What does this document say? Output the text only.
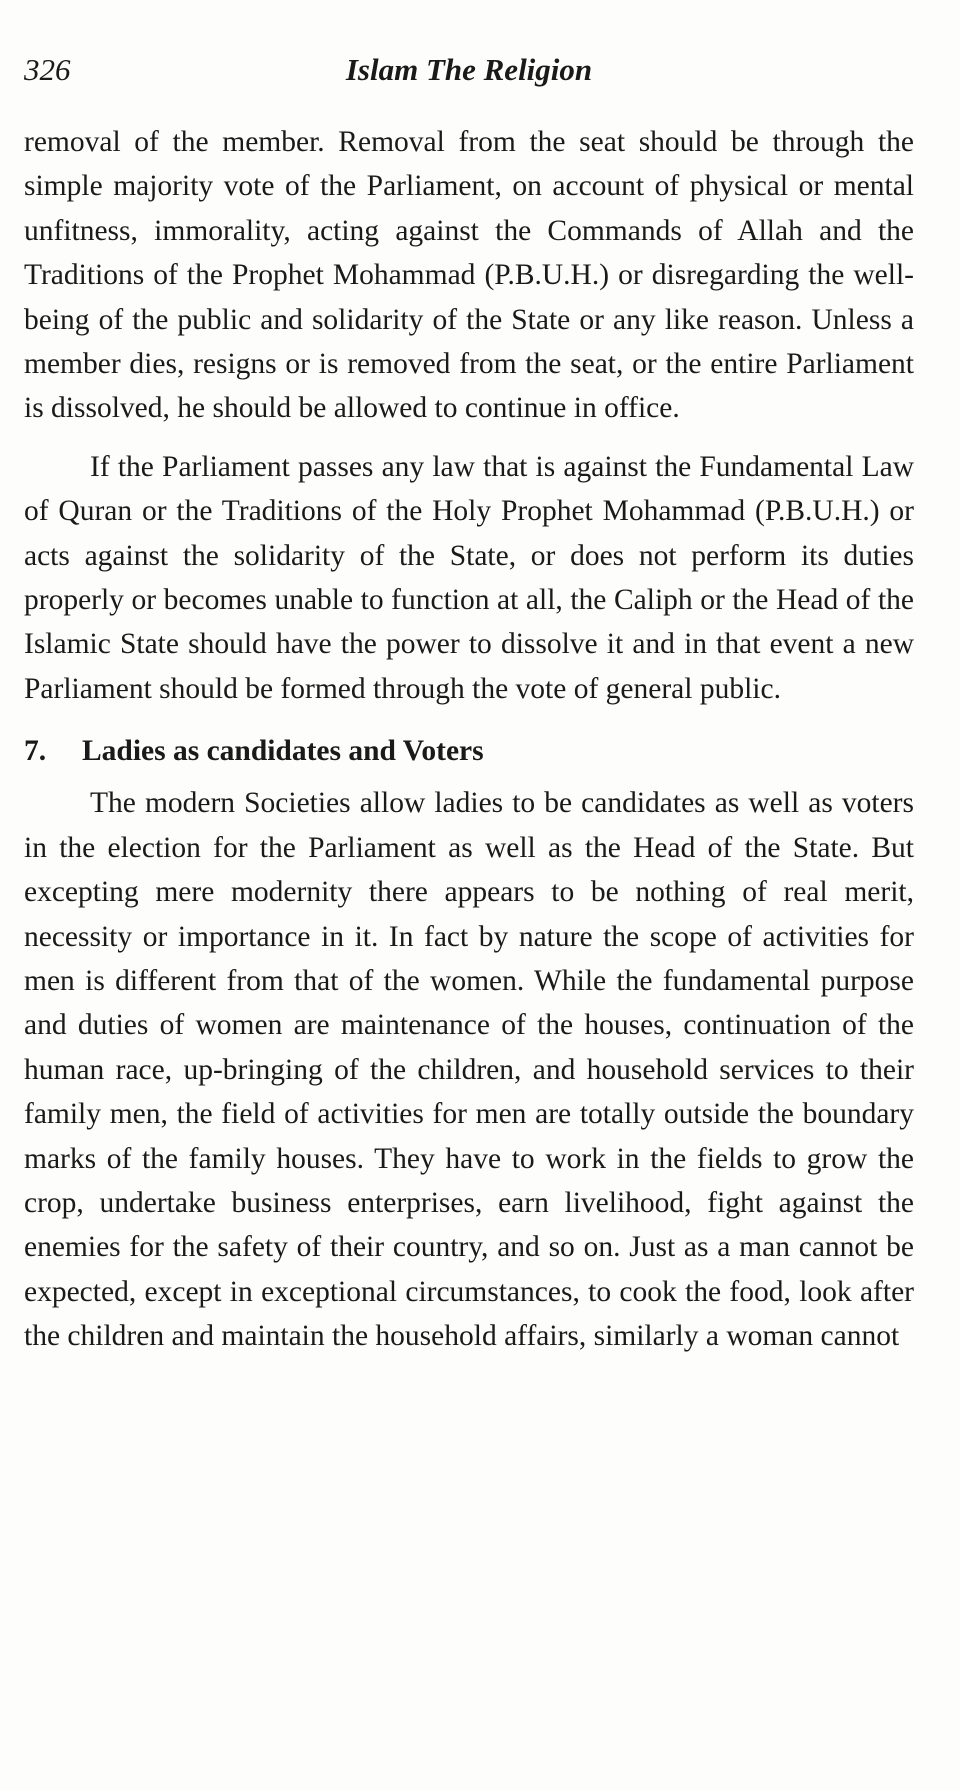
326	Islam The Religion

removal of the member. Removal from the seat should be through the simple majority vote of the Parliament, on account of physical or mental unfitness, immorality, acting against the Commands of Allah and the Traditions of the Prophet Mohammad (P.B.U.H.) or disregarding the well-being of the public and solidarity of the State or any like reason. Unless a member dies, resigns or is removed from the seat, or the entire Parliament is dissolved, he should be allowed to continue in office.

If the Parliament passes any law that is against the Fundamental Law of Quran or the Traditions of the Holy Prophet Mohammad (P.B.U.H.) or acts against the solidarity of the State, or does not perform its duties properly or becomes unable to function at all, the Caliph or the Head of the Islamic State should have the power to dissolve it and in that event a new Parliament should be formed through the vote of general public.

7. Ladies as candidates and Voters

The modern Societies allow ladies to be candidates as well as voters in the election for the Parliament as well as the Head of the State. But excepting mere modernity there appears to be nothing of real merit, necessity or importance in it. In fact by nature the scope of activities for men is different from that of the women. While the fundamental purpose and duties of women are maintenance of the houses, continuation of the human race, up-bringing of the children, and household services to their family men, the field of activities for men are totally outside the boundary marks of the family houses. They have to work in the fields to grow the crop, undertake business enterprises, earn livelihood, fight against the enemies for the safety of their country, and so on. Just as a man cannot be expected, except in exceptional circumstances, to cook the food, look after the children and maintain the household affairs, similarly a woman cannot
